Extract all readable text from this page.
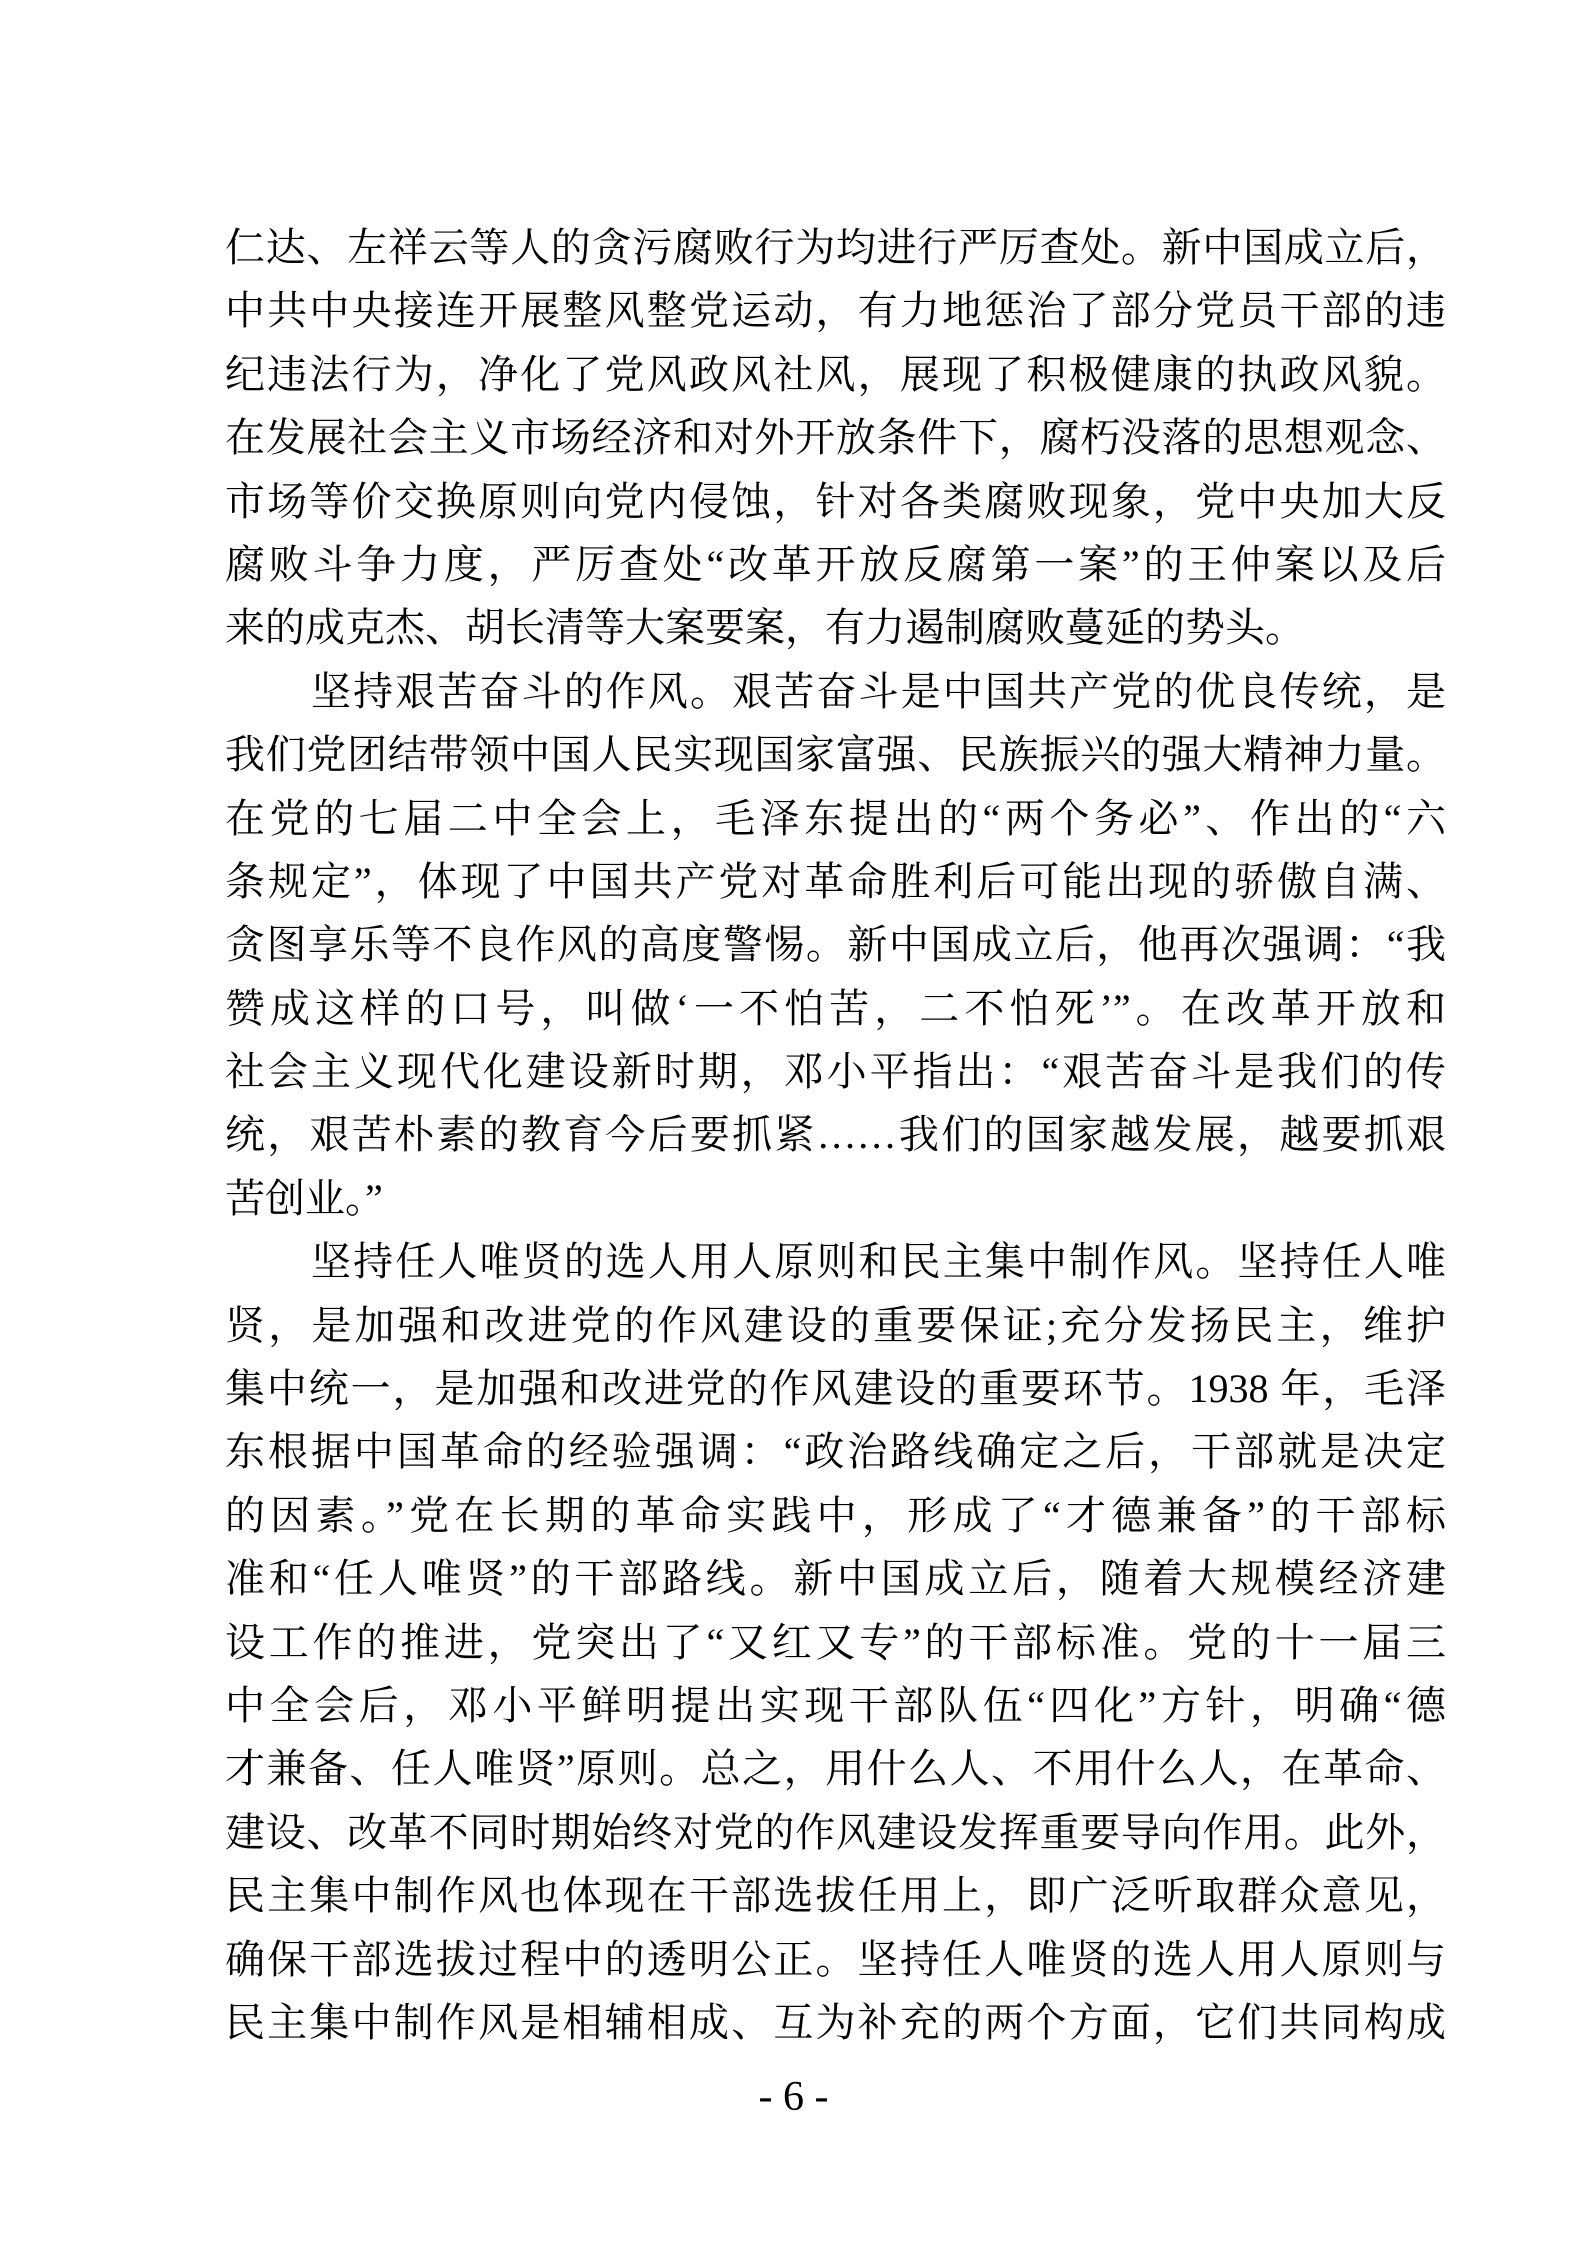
仁达、左祥云等人的贪污腐败行为均进行严厉查处。新中国成立后，
中共中央接连开展整风整党运动，有力地惩治了部分党员干部的违
纪违法行为，净化了党风政风社风，展现了积极健康的执政风貌。
在发展社会主义市场经济和对外开放条件下，腐朽没落的思想观念、
市场等价交换原则向党内侵蚀，针对各类腐败现象，党中央加大反
腐败斗争力度，严厉查处“改革开放反腐第一案”的王仲案以及后
来的成克杰、胡长清等大案要案，有力遏制腐败蔓延的势头。
坚持艰苦奋斗的作风。艰苦奋斗是中国共产党的优良传统，是
我们党团结带领中国人民实现国家富强、民族振兴的强大精神力量。
在党的七届二中全会上，毛泽东提出的“两个务必”、作出的“六
条规定”，体现了中国共产党对革命胜利后可能出现的骄傲自满、
贪图享乐等不良作风的高度警惕。新中国成立后，他再次强调：“我
赞成这样的口号，叫做‘一不怕苦，二不怕死’”。在改革开放和
社会主义现代化建设新时期，邓小平指出：“艰苦奋斗是我们的传
统，艰苦朴素的教育今后要抓紧……我们的国家越发展，越要抓艰
苦创业。”
坚持任人唯贤的选人用人原则和民主集中制作风。坚持任人唯
贤，是加强和改进党的作风建设的重要保证;充分发扬民主，维护
集中统一，是加强和改进党的作风建设的重要环节。1938 年，毛泽
东根据中国革命的经验强调：“政治路线确定之后，干部就是决定
的因素。”党在长期的革命实践中，形成了“才德兼备”的干部标
准和“任人唯贤”的干部路线。新中国成立后，随着大规模经济建
设工作的推进，党突出了“又红又专”的干部标准。党的十一届三
中全会后，邓小平鲜明提出实现干部队伍“四化”方针，明确“德
才兼备、任人唯贤”原则。总之，用什么人、不用什么人，在革命、
建设、改革不同时期始终对党的作风建设发挥重要导向作用。此外，
民主集中制作风也体现在干部选拔任用上，即广泛听取群众意见，
确保干部选拔过程中的透明公正。坚持任人唯贤的选人用人原则与
民主集中制作风是相辅相成、互为补充的两个方面，它们共同构成
- 6 -
